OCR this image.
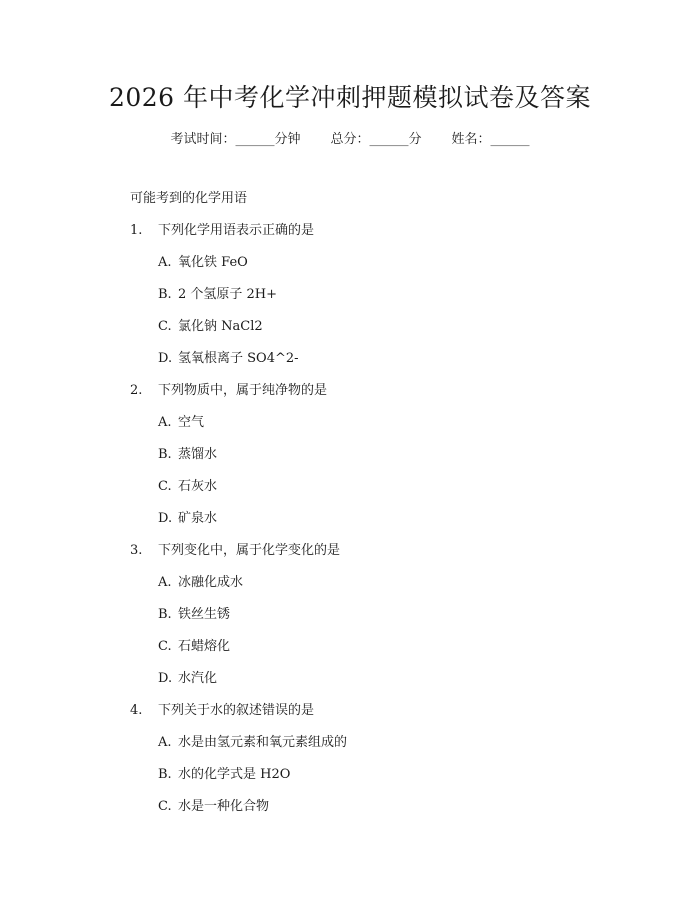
2026 年中考化学冲刺押题模拟试卷及答案
考试时间：______分钟 总分：______分 姓名：______
可能考到的化学用语
1.	下列化学用语表示正确的是
A. 氧化铁 FeO
B. 2 个氢原子 2H+
C. 氯化钠 NaCl2
D. 氢氧根离子 SO4^2-
2.	下列物质中，属于纯净物的是
A. 空气
B. 蒸馏水
C. 石灰水
D. 矿泉水
3.	下列变化中，属于化学变化的是
A. 冰融化成水
B. 铁丝生锈
C. 石蜡熔化
D. 水汽化
4.	下列关于水的叙述错误的是
A. 水是由氢元素和氧元素组成的
B. 水的化学式是 H2O
C. 水是一种化合物
